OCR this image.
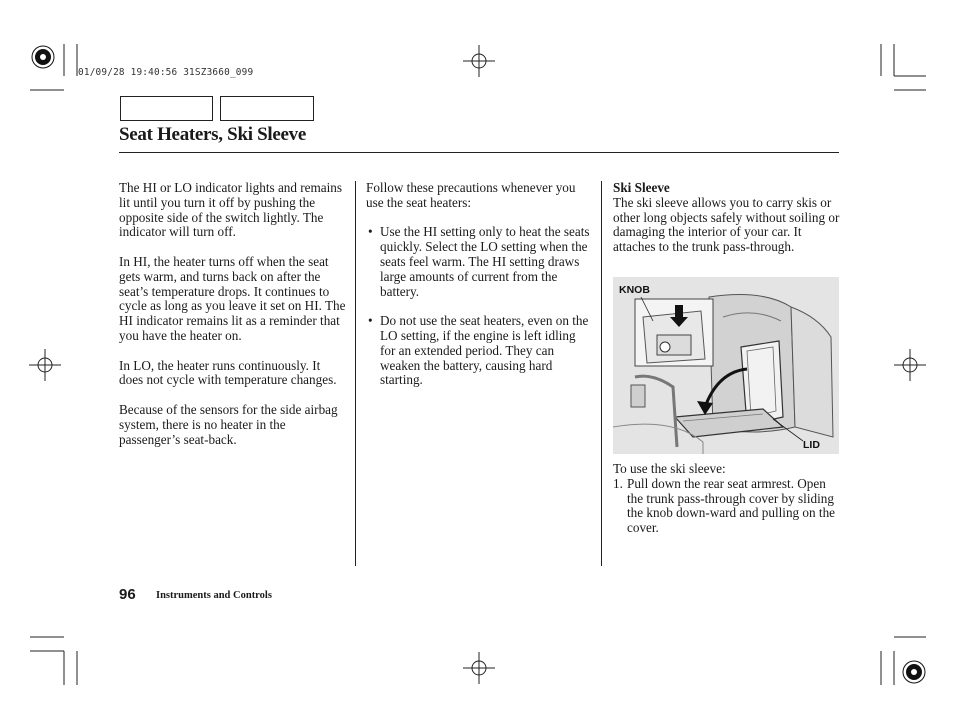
01/09/28 19:40:56 31SZ3660_099
Seat Heaters, Ski Sleeve

The HI or LO indicator lights and remains lit until you turn it off by pushing the opposite side of the switch lightly. The indicator will turn off.

In HI, the heater turns off when the seat gets warm, and turns back on after the seat’s temperature drops. It continues to cycle as long as you leave it set on HI. The HI indicator remains lit as a reminder that you have the heater on.

In LO, the heater runs continuously. It does not cycle with temperature changes.

Because of the sensors for the side airbag system, there is no heater in the passenger’s seat-back.

Follow these precautions whenever you use the seat heaters:

• Use the HI setting only to heat the seats quickly. Select the LO setting when the seats feel warm. The HI setting draws large amounts of current from the battery.
• Do not use the seat heaters, even on the LO setting, if the engine is left idling for an extended period. They can weaken the battery, causing hard starting.
Ski Sleeve

The ski sleeve allows you to carry skis or other long objects safely without soiling or damaging the interior of your car. It attaches to the trunk pass-through.

KNOB
LID
To use the ski sleeve:
1. Pull down the rear seat armrest. Open the trunk pass-through cover by sliding the knob down-ward and pulling on the cover.
96 Instruments and Controls
